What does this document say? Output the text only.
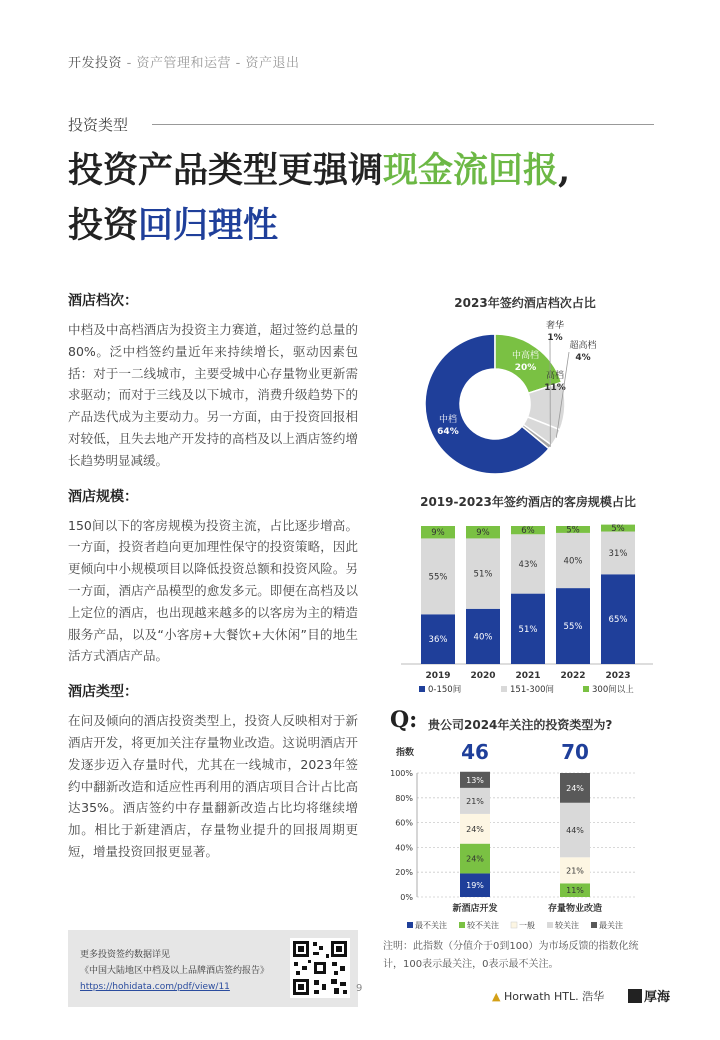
开发投资 - 资产管理和运营 - 资产退出
投资类型
投资产品类型更强调现金流回报,
投资回归理性
酒店档次：
中档及中高档酒店为投资主力赛道，超过签约总量的80%。泛中档签约量近年来持续增长，驱动因素包括：对于一二线城市，主要受城中心存量物业更新需求驱动；而对于三线及以下城市，消费升级趋势下的产品迭代成为主要动力。另一方面，由于投资回报相对较低，且失去地产开发持的高档及以上酒店签约增长趋势明显减缓。
酒店规模：
150间以下的客房规模为投资主流，占比逐步增高。一方面，投资者趋向更加理性保守的投资策略，因此更倾向中小规模项目以降低投资总额和投资风险。另一方面，酒店产品模型的愈发多元。即便在高档及以上定位的酒店，也出现越来越多的以客房为主的精造服务产品，以及“小客房+大餐饮+大休闲”目的地生活方式酒店产品。
酒店类型：
在问及倾向的酒店投资类型上，投资人反映相对于新酒店开发，将更加关注存量物业改造。这说明酒店开发逐步迈入存量时代，尤其在一线城市，2023年签约中翻新改造和适应性再利用的酒店项目合计占比高达35%。酒店签约中存量翻新改造占比均将继续增加。相比于新建酒店，存量物业提升的回报周期更短，增量投资回报更显著。
更多投资签约数据详见
《中国大陆地区中档及以上品牌酒店签约报告》
https://hohidata.com/pdf/view/11	9
2023年签约酒店档次占比
中档
64%
中高档
20%
高档
11%
超高档
4%
奢华
1%
2019-2023年签约酒店的客房规模占比
36%
55%
9%
2019
40%
51%
9%
2020
51%
43%
6%
2021
55%
40%
5%
2022
65%
31%
5%
2023
0-150间	151-300间	300间以上
Q: 贵公司2024年关注的投资类型为?
指数 46	70
0%
20%
40%
60%
80%
100%
19%
24%
24%
21%
13%
新酒店开发
11%
21%
44%
24%
存量物业改造
最不关注	较不关注	一般	较关注	最关注
注明：此指数（分值介于0到100）为市场反馈的指数化统计，100表示最关注，0表示最不关注。
▲ Horwath HTL. 浩华	厚海
